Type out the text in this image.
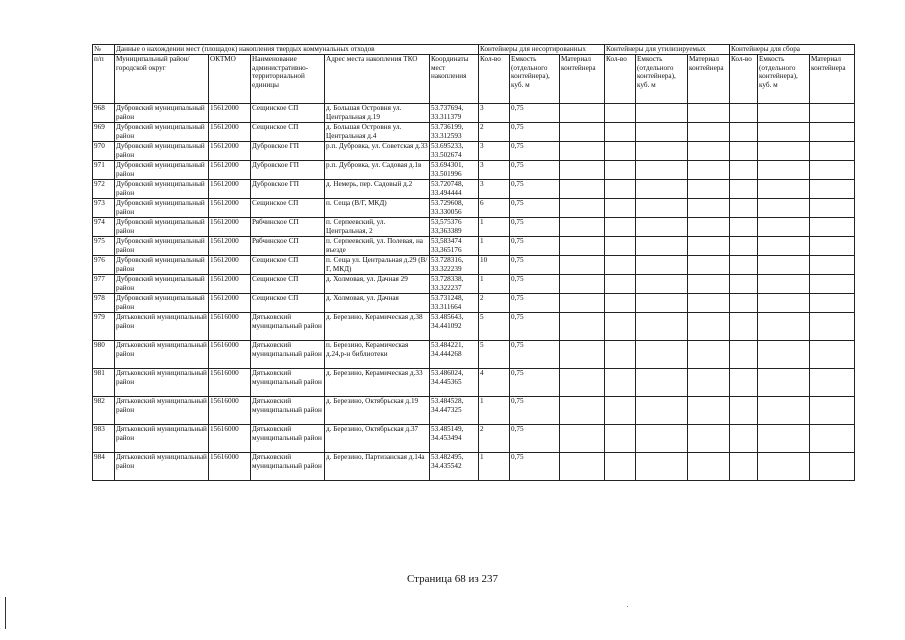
№	Данные о нахождении мест (площадок) накопления твердых коммунальных отходов					Контейнеры для несортированных			Контейнеры для утилизируемых			Контейнеры для сбора		
п/п	Муниципальный район/городской округ	ОКТМО	Наименование административно-территориальной единицы	Адрес места накопления ТКО	Координаты мест накопления	Кол-во	Емкость (отдельного контейнера), куб. м	Материал контейнера	Кол-во	Емкость (отдельного контейнера), куб. м	Материал контейнера	Кол-во	Емкость (отдельного контейнера), куб. м	Материал контейнера
968	Дубровский муниципальный район	15612000	Сещинское СП	д. Большая Островня ул. Центральная д.19	53.737694, 33.311379	3	0,75							
969	Дубровский муниципальный район	15612000	Сещинское СП	д. Большая Островня ул. Центральная д.4	53.736199, 33.312593	2	0,75							
970	Дубровский муниципальный район	15612000	Дубровское ГП	р.п. Дубровка, ул. Советская д.33	53.695233, 33.502674	3	0,75							
971	Дубровский муниципальный район	15612000	Дубровское ГП	р.п. Дубровка, ул. Садовая д.1в	53.694301, 33.501996	3	0,75							
972	Дубровский муниципальный район	15612000	Дубровское ГП	д. Немерь, пер. Садовый д.2	53.720748, 33.494444	3	0,75							
973	Дубровский муниципальный район	15612000	Сещинское СП	п. Сеща (В/Г, МКД)	53.729608, 33.330056	6	0,75							
974	Дубровский муниципальный район	15612000	Рябчинское СП	п. Серпеевский, ул. Центральная, 2	53,575376 33,363389	1	0,75							
975	Дубровский муниципальный район	15612000	Рябчинское СП	п. Серпеевский, ул. Полевая, на въезде	53,583474 33,365176	1	0,75							
976	Дубровский муниципальный район	15612000	Сещинское СП	п. Сеща ул. Центральная д.29 (В/Г, МКД)	53.728316, 33.322239	10	0,75							
977	Дубровский муниципальный район	15612000	Сещинское СП	д. Холмовая, ул. Дачная 29	53.728338, 33.322237	1	0,75							
978	Дубровский муниципальный район	15612000	Сещинское СП	д. Холмовая, ул. Дачная	53.731248, 33.311664	2	0,75							
979	Дятьковский муниципальный район	15616000	Дятьковский муниципальный район	д. Березино, Керамическая д.38	53.485643, 34.441092	5	0,75							
980	Дятьковский муниципальный район	15616000	Дятьковский муниципальный район	п. Березино, Керамическая д.24,р-н библиотеки	53.484221, 34.444268	5	0,75							
981	Дятьковский муниципальный район	15616000	Дятьковский муниципальный район	д. Березино, Керамическая д.33	53.486024, 34.445365	4	0,75							
982	Дятьковский муниципальный район	15616000	Дятьковский муниципальный район	д. Березино, Октябрьская д.19	53.484528, 34.447325	1	0,75							
983	Дятьковский муниципальный район	15616000	Дятьковский муниципальный район	д. Березино, Октябрьская д.37	53.485149, 34.453494	2	0,75							
984	Дятьковский муниципальный район	15616000	Дятьковский муниципальный район	д. Березино, Партизанская д.14а	53.482495, 34.435542	1	0,75							
Страница 68 из 237
